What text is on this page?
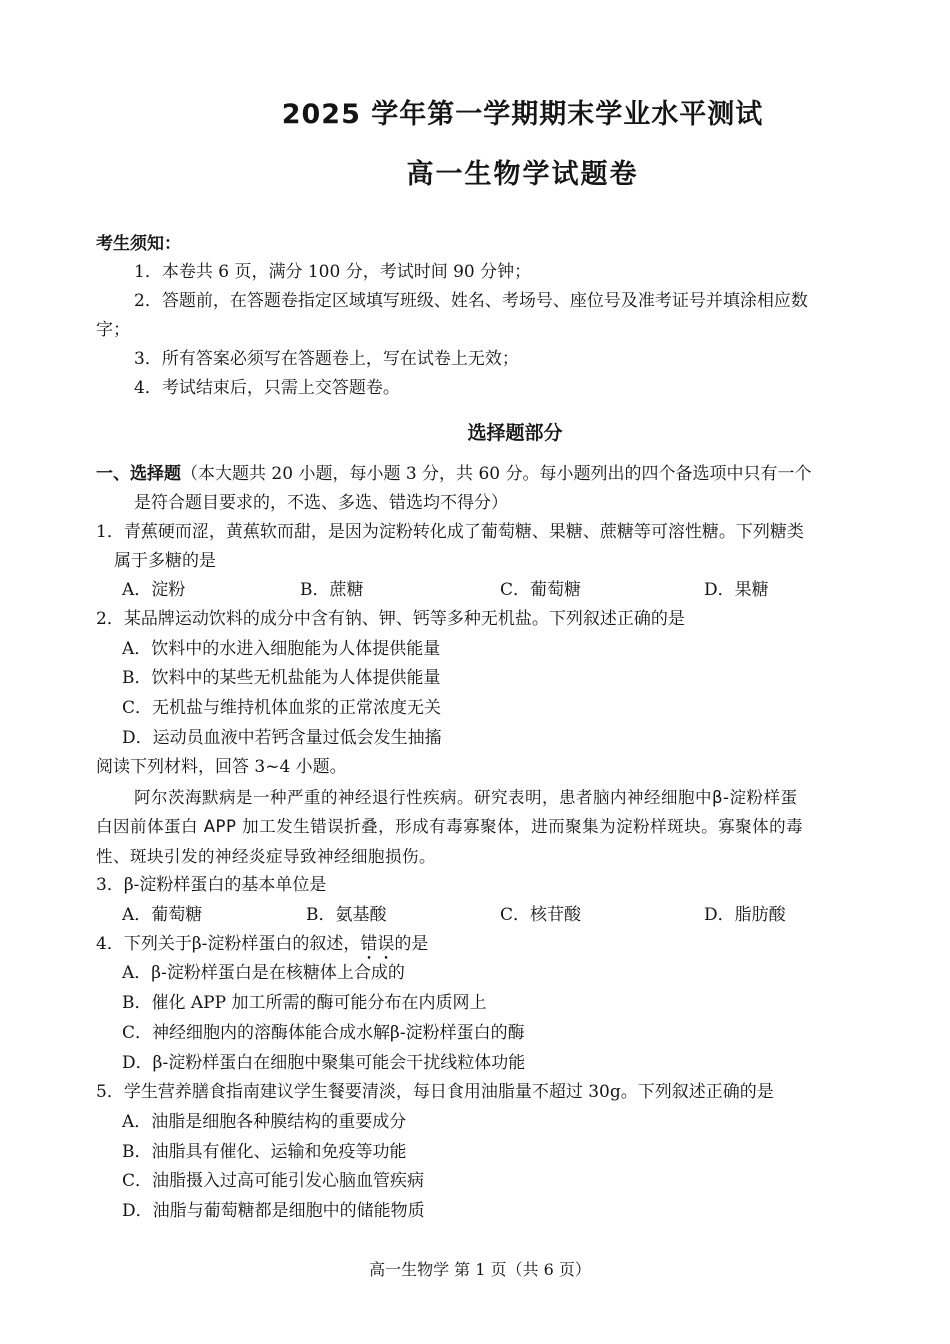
2025 学年第一学期期末学业水平测试
高一生物学试题卷
考生须知：
1．本卷共 6 页，满分 100 分，考试时间 90 分钟；
2．答题前，在答题卷指定区域填写班级、姓名、考场号、座位号及准考证号并填涂相应数
字；
3．所有答案必须写在答题卷上，写在试卷上无效；
4．考试结束后，只需上交答题卷。
选择题部分
一、选择题（本大题共 20 小题，每小题 3 分，共 60 分。每小题列出的四个备选项中只有一个
是符合题目要求的，不选、多选、错选均不得分）
1．青蕉硬而涩，黄蕉软而甜，是因为淀粉转化成了葡萄糖、果糖、蔗糖等可溶性糖。下列糖类
属于多糖的是
A．淀粉	B．蔗糖	C．葡萄糖	D．果糖
2．某品牌运动饮料的成分中含有钠、钾、钙等多种无机盐。下列叙述正确的是
A．饮料中的水进入细胞能为人体提供能量
B．饮料中的某些无机盐能为人体提供能量
C．无机盐与维持机体血浆的正常浓度无关
D．运动员血液中若钙含量过低会发生抽搐
阅读下列材料，回答 3~4 小题。
阿尔茨海默病是一种严重的神经退行性疾病。研究表明，患者脑内神经细胞中β-淀粉样蛋
白因前体蛋白 APP 加工发生错误折叠，形成有毒寡聚体，进而聚集为淀粉样斑块。寡聚体的毒
性、斑块引发的神经炎症导致神经细胞损伤。
3．β-淀粉样蛋白的基本单位是
A．葡萄糖	B．氨基酸	C．核苷酸	D．脂肪酸
4．下列关于β-淀粉样蛋白的叙述，错误的是
A．β-淀粉样蛋白是在核糖体上合成的
B．催化 APP 加工所需的酶可能分布在内质网上
C．神经细胞内的溶酶体能合成水解β-淀粉样蛋白的酶
D．β-淀粉样蛋白在细胞中聚集可能会干扰线粒体功能
5．学生营养膳食指南建议学生餐要清淡，每日食用油脂量不超过 30g。下列叙述正确的是
A．油脂是细胞各种膜结构的重要成分
B．油脂具有催化、运输和免疫等功能
C．油脂摄入过高可能引发心脑血管疾病
D．油脂与葡萄糖都是细胞中的储能物质
高一生物学 第 1 页（共 6 页）
